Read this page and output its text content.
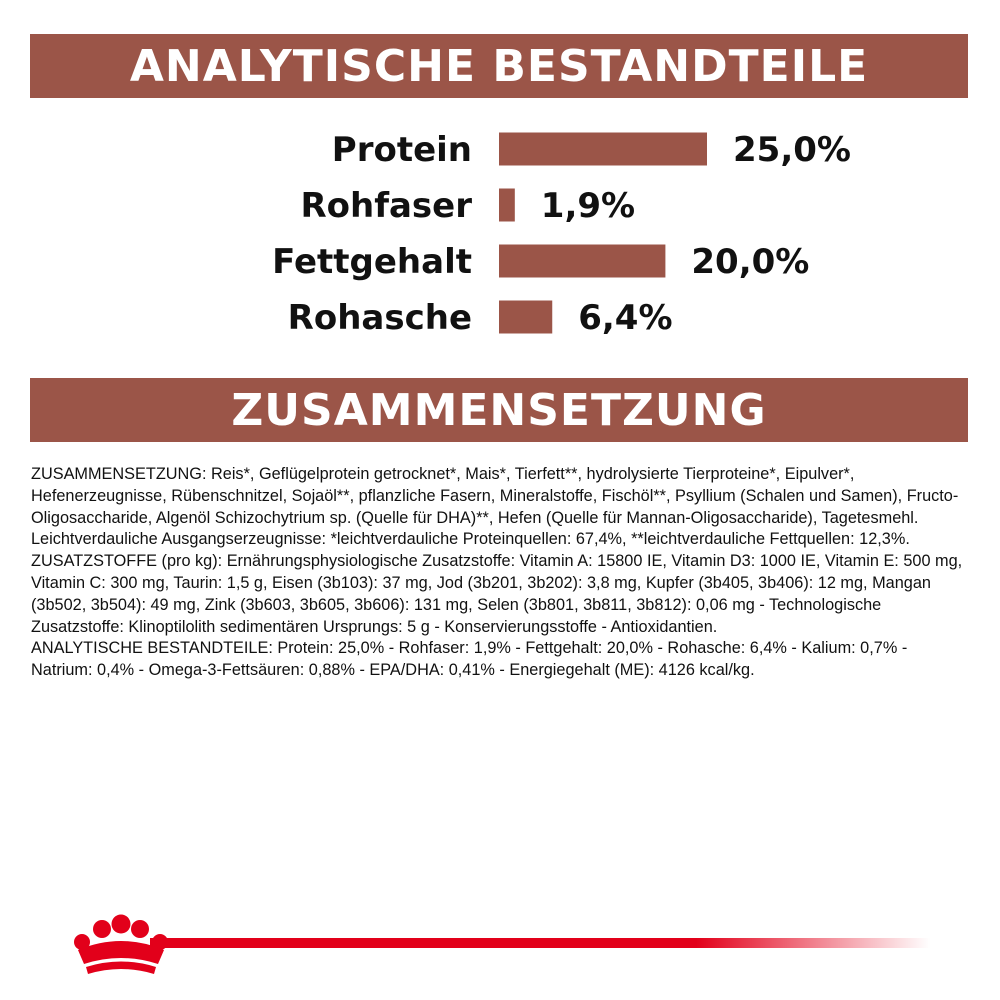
ANALYTISCHE BESTANDTEILE
Protein	25,0%
Rohfaser 1,9%
Fettgehalt	20,0%
Rohasche	6,4%
ZUSAMMENSETZUNG

ZUSAMMENSETZUNG: Reis*, Geflügelprotein getrocknet*, Mais*, Tierfett**, hydrolysierte Tierproteine*, Eipulver*, Hefenerzeugnisse, Rübenschnitzel, Sojaöl**, pflanzliche Fasern, Mineralstoffe, Fischöl**, Psyllium (Schalen und Samen), Fructo-Oligosaccharide, Algenöl Schizochytrium sp. (Quelle für DHA)**, Hefen (Quelle für Mannan-Oligosaccharide), Tagetesmehl. Leichtverdauliche Ausgangserzeugnisse: *leichtverdauliche Proteinquellen: 67,4%, **leichtverdauliche Fettquellen: 12,3%.

ZUSATZSTOFFE (pro kg): Ernährungsphysiologische Zusatzstoffe: Vitamin A: 15800 IE, Vitamin D3: 1000 IE, Vitamin E: 500 mg, Vitamin C: 300 mg, Taurin: 1,5 g, Eisen (3b103): 37 mg, Jod (3b201, 3b202): 3,8 mg, Kupfer (3b405, 3b406): 12 mg, Mangan (3b502, 3b504): 49 mg, Zink (3b603, 3b605, 3b606): 131 mg, Selen (3b801, 3b811, 3b812): 0,06 mg - Technologische Zusatzstoffe: Klinoptilolith sedimentären Ursprungs: 5 g - Konservierungsstoffe - Antioxidantien.

ANALYTISCHE BESTANDTEILE: Protein: 25,0% - Rohfaser: 1,9% - Fettgehalt: 20,0% - Rohasche: 6,4% - Kalium: 0,7% - Natrium: 0,4% - Omega-3-Fettsäuren: 0,88% - EPA/DHA: 0,41% - Energiegehalt (ME): 4126 kcal/kg.
